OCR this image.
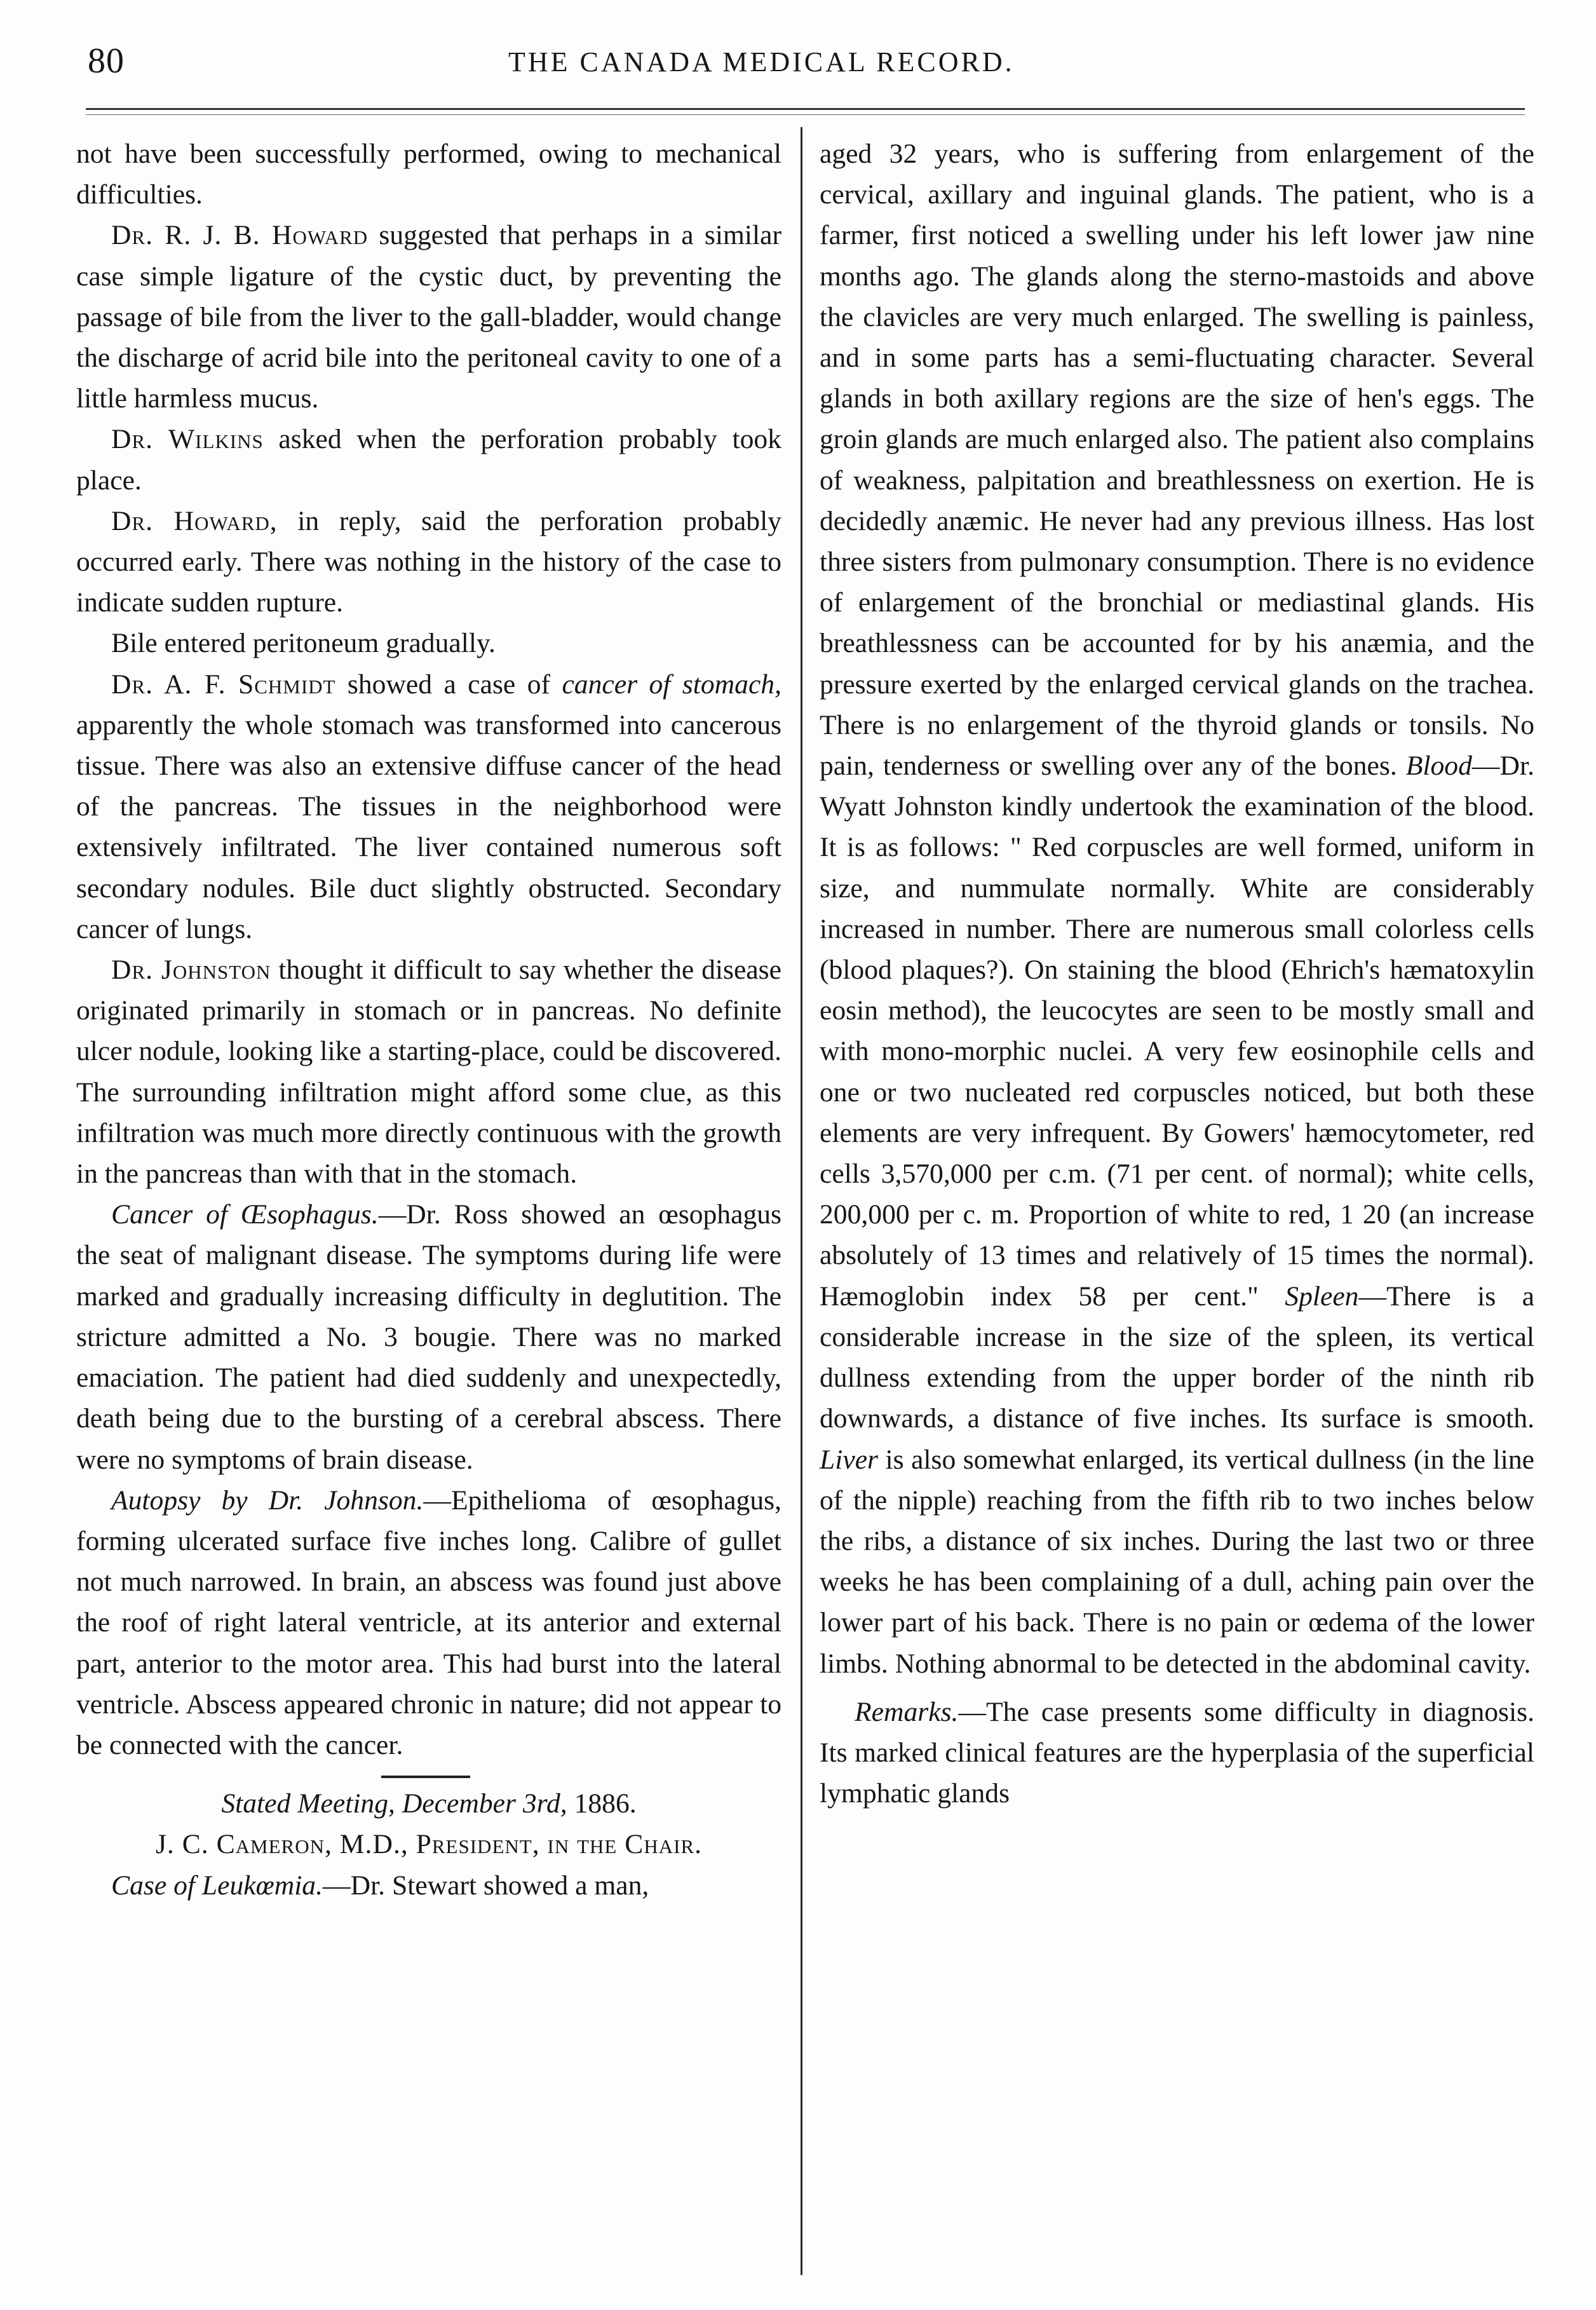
80	THE CANADA MEDICAL RECORD.

not have been successfully performed, owing to mechanical difficulties.

Dr. R. J. B. Howard suggested that perhaps in a similar case simple ligature of the cystic duct, by preventing the passage of bile from the liver to the gall-bladder, would change the discharge of acrid bile into the peritoneal cavity to one of a little harmless mucus.

Dr. Wilkins asked when the perforation probably took place.

Dr. Howard, in reply, said the perforation probably occurred early. There was nothing in the history of the case to indicate sudden rupture.

Bile entered peritoneum gradually.

Dr. A. F. Schmidt showed a case of cancer of stomach, apparently the whole stomach was transformed into cancerous tissue. There was also an extensive diffuse cancer of the head of the pancreas. The tissues in the neighborhood were extensively infiltrated. The liver contained numerous soft secondary nodules. Bile duct slightly obstructed. Secondary cancer of lungs.

Dr. Johnston thought it difficult to say whether the disease originated primarily in stomach or in pancreas. No definite ulcer nodule, looking like a starting-place, could be discovered. The surrounding infiltration might afford some clue, as this infiltration was much more directly continuous with the growth in the pancreas than with that in the stomach.

Cancer of Œsophagus.—Dr. Ross showed an œsophagus the seat of malignant disease. The symptoms during life were marked and gradually increasing difficulty in deglutition. The stricture admitted a No. 3 bougie. There was no marked emaciation. The patient had died suddenly and unexpectedly, death being due to the bursting of a cerebral abscess. There were no symptoms of brain disease.

Autopsy by Dr. Johnson.—Epithelioma of œsophagus, forming ulcerated surface five inches long. Calibre of gullet not much narrowed. In brain, an abscess was found just above the roof of right lateral ventricle, at its anterior and external part, anterior to the motor area. This had burst into the lateral ventricle. Abscess appeared chronic in nature; did not appear to be connected with the cancer.

Stated Meeting, December 3rd, 1886.

J. C. Cameron, M.D., President, in the Chair.

Case of Leukœmia.—Dr. Stewart showed a man,

aged 32 years, who is suffering from enlargement of the cervical, axillary and inguinal glands. The patient, who is a farmer, first noticed a swelling under his left lower jaw nine months ago. The glands along the sterno-mastoids and above the clavicles are very much enlarged. The swelling is painless, and in some parts has a semi-fluctuating character. Several glands in both axillary regions are the size of hen's eggs. The groin glands are much enlarged also. The patient also complains of weakness, palpitation and breathlessness on exertion. He is decidedly anæmic. He never had any previous illness. Has lost three sisters from pulmonary consumption. There is no evidence of enlargement of the bronchial or mediastinal glands. His breathlessness can be accounted for by his anæmia, and the pressure exerted by the enlarged cervical glands on the trachea. There is no enlargement of the thyroid glands or tonsils. No pain, tenderness or swelling over any of the bones. Blood—Dr. Wyatt Johnston kindly undertook the examination of the blood. It is as follows: " Red corpuscles are well formed, uniform in size, and nummulate normally. White are considerably increased in number. There are numerous small colorless cells (blood plaques?). On staining the blood (Ehrich's hæmatoxylin eosin method), the leucocytes are seen to be mostly small and with mono-morphic nuclei. A very few eosinophile cells and one or two nucleated red corpuscles noticed, but both these elements are very infrequent. By Gowers' hæmocytometer, red cells 3,570,000 per c.m. (71 per cent. of normal); white cells, 200,000 per c. m. Proportion of white to red, 1 20 (an increase absolutely of 13 times and relatively of 15 times the normal). Hæmoglobin index 58 per cent." Spleen—There is a considerable increase in the size of the spleen, its vertical dullness extending from the upper border of the ninth rib downwards, a distance of five inches. Its surface is smooth. Liver is also somewhat enlarged, its vertical dullness (in the line of the nipple) reaching from the fifth rib to two inches below the ribs, a distance of six inches. During the last two or three weeks he has been complaining of a dull, aching pain over the lower part of his back. There is no pain or œdema of the lower limbs. Nothing abnormal to be detected in the abdominal cavity.

Remarks.—The case presents some difficulty in diagnosis. Its marked clinical features are the hyperplasia of the superficial lymphatic glands
